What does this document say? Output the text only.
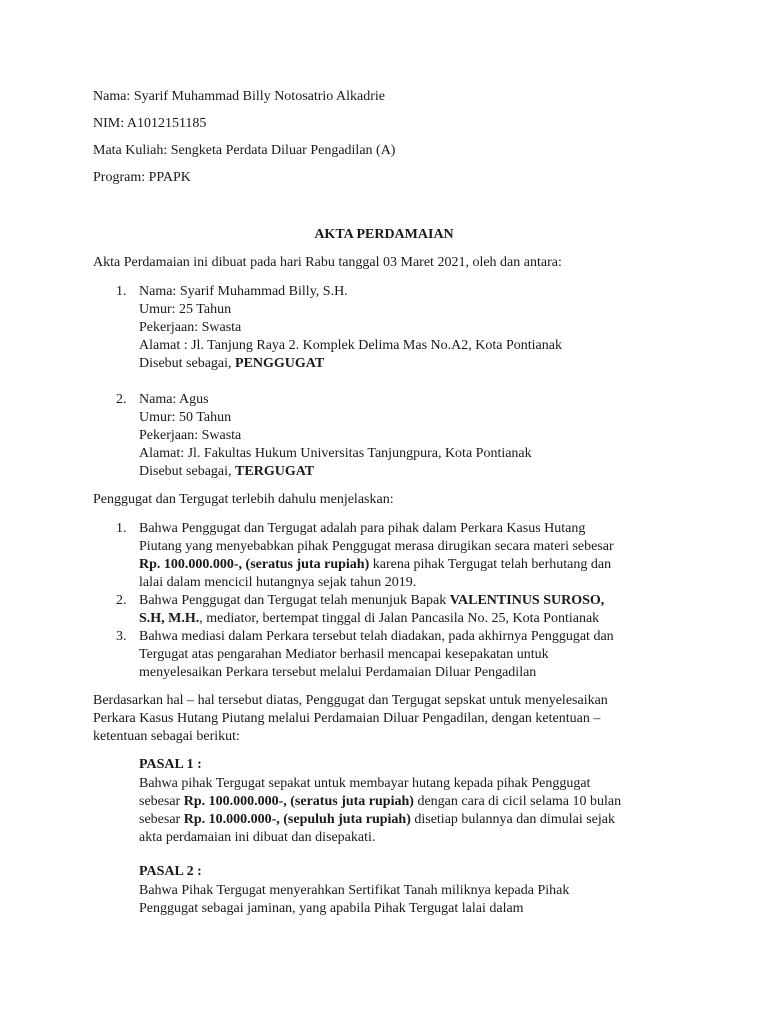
Nama: Syarif Muhammad Billy Notosatrio Alkadrie
NIM: A1012151185
Mata Kuliah: Sengketa Perdata Diluar Pengadilan (A)
Program: PPAPK
AKTA PERDAMAIAN
Akta Perdamaian ini dibuat pada hari Rabu tanggal 03 Maret 2021, oleh dan antara:
1. Nama: Syarif Muhammad Billy, S.H.
Umur: 25 Tahun
Pekerjaan: Swasta
Alamat : Jl. Tanjung Raya 2. Komplek Delima Mas No.A2, Kota Pontianak
Disebut sebagai, PENGGUGAT
2. Nama: Agus
Umur: 50 Tahun
Pekerjaan: Swasta
Alamat: Jl. Fakultas Hukum Universitas Tanjungpura, Kota Pontianak
Disebut sebagai, TERGUGAT
Penggugat dan Tergugat terlebih dahulu menjelaskan:
1. Bahwa Penggugat dan Tergugat adalah para pihak dalam Perkara Kasus Hutang
Piutang yang menyebabkan pihak Penggugat merasa dirugikan secara materi sebesar
Rp. 100.000.000-, (seratus juta rupiah) karena pihak Tergugat telah berhutang dan
lalai dalam mencicil hutangnya sejak tahun 2019.
2. Bahwa Penggugat dan Tergugat telah menunjuk Bapak VALENTINUS SUROSO,
S.H, M.H., mediator, bertempat tinggal di Jalan Pancasila No. 25, Kota Pontianak
3. Bahwa mediasi dalam Perkara tersebut telah diadakan, pada akhirnya Penggugat dan
Tergugat atas pengarahan Mediator berhasil mencapai kesepakatan untuk
menyelesaikan Perkara tersebut melalui Perdamaian Diluar Pengadilan
Berdasarkan hal – hal tersebut diatas, Penggugat dan Tergugat sepskat untuk menyelesaikan
Perkara Kasus Hutang Piutang melalui Perdamaian Diluar Pengadilan, dengan ketentuan –
ketentuan sebagai berikut:
PASAL 1 :
Bahwa pihak Tergugat sepakat untuk membayar hutang kepada pihak Penggugat
sebesar Rp. 100.000.000-, (seratus juta rupiah) dengan cara di cicil selama 10 bulan
sebesar Rp. 10.000.000-, (sepuluh juta rupiah) disetiap bulannya dan dimulai sejak
akta perdamaian ini dibuat dan disepakati.
PASAL 2 :
Bahwa Pihak Tergugat menyerahkan Sertifikat Tanah miliknya kepada Pihak
Penggugat sebagai jaminan, yang apabila Pihak Tergugat lalai dalam
